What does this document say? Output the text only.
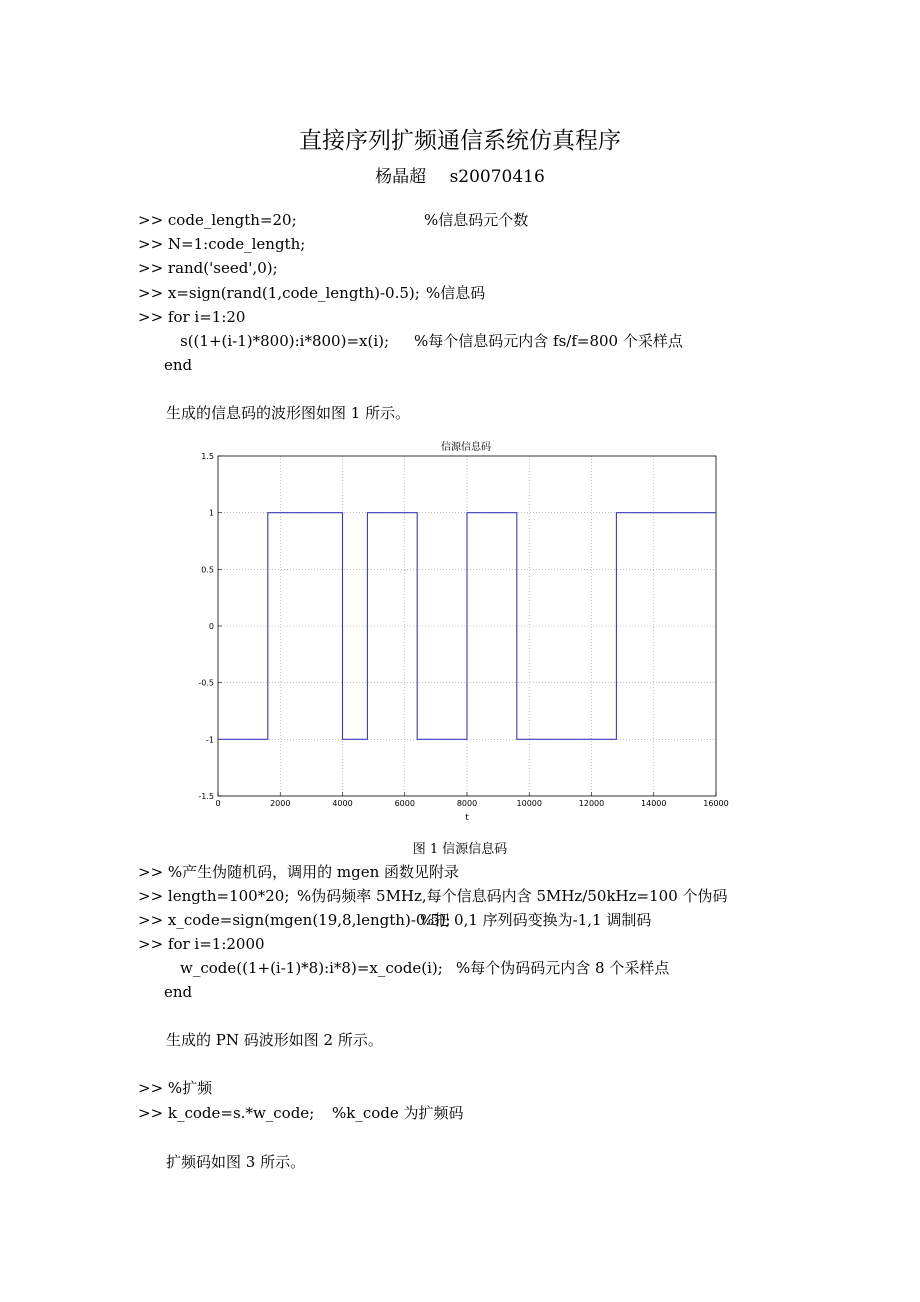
直接序列扩频通信系统仿真程序
杨晶超 s20070416
>> code_length=20;	%信息码元个数
>> N=1:code_length;
>> rand('seed',0);
>> x=sign(rand(1,code_length)-0.5); %信息码
>> for i=1:20
s((1+(i-1)*800):i*800)=x(i); %每个信息码元内含 fs/f=800 个采样点
end
生成的信息码的波形图如图 1 所示。
信源信息码
0	2000	4000	6000	8000	10000	12000	14000	16000
1.5
1
0.5
0
-0.5
-1
-1.5
t
图 1 信源信息码
>> %产生伪随机码，调用的 mgen 函数见附录
>> length=100*20; %伪码频率 5MHz,每个信息码内含 5MHz/50kHz=100 个伪码
>> x_code=sign(mgen(19,8,length)-0.5);
%把 0,1 序列码变换为-1,1 调制码
>> for i=1:2000
w_code((1+(i-1)*8):i*8)=x_code(i); %每个伪码码元内含 8 个采样点
end
生成的 PN 码波形如图 2 所示。
>> %扩频
>> k_code=s.*w_code; %k_code 为扩频码
扩频码如图 3 所示。
